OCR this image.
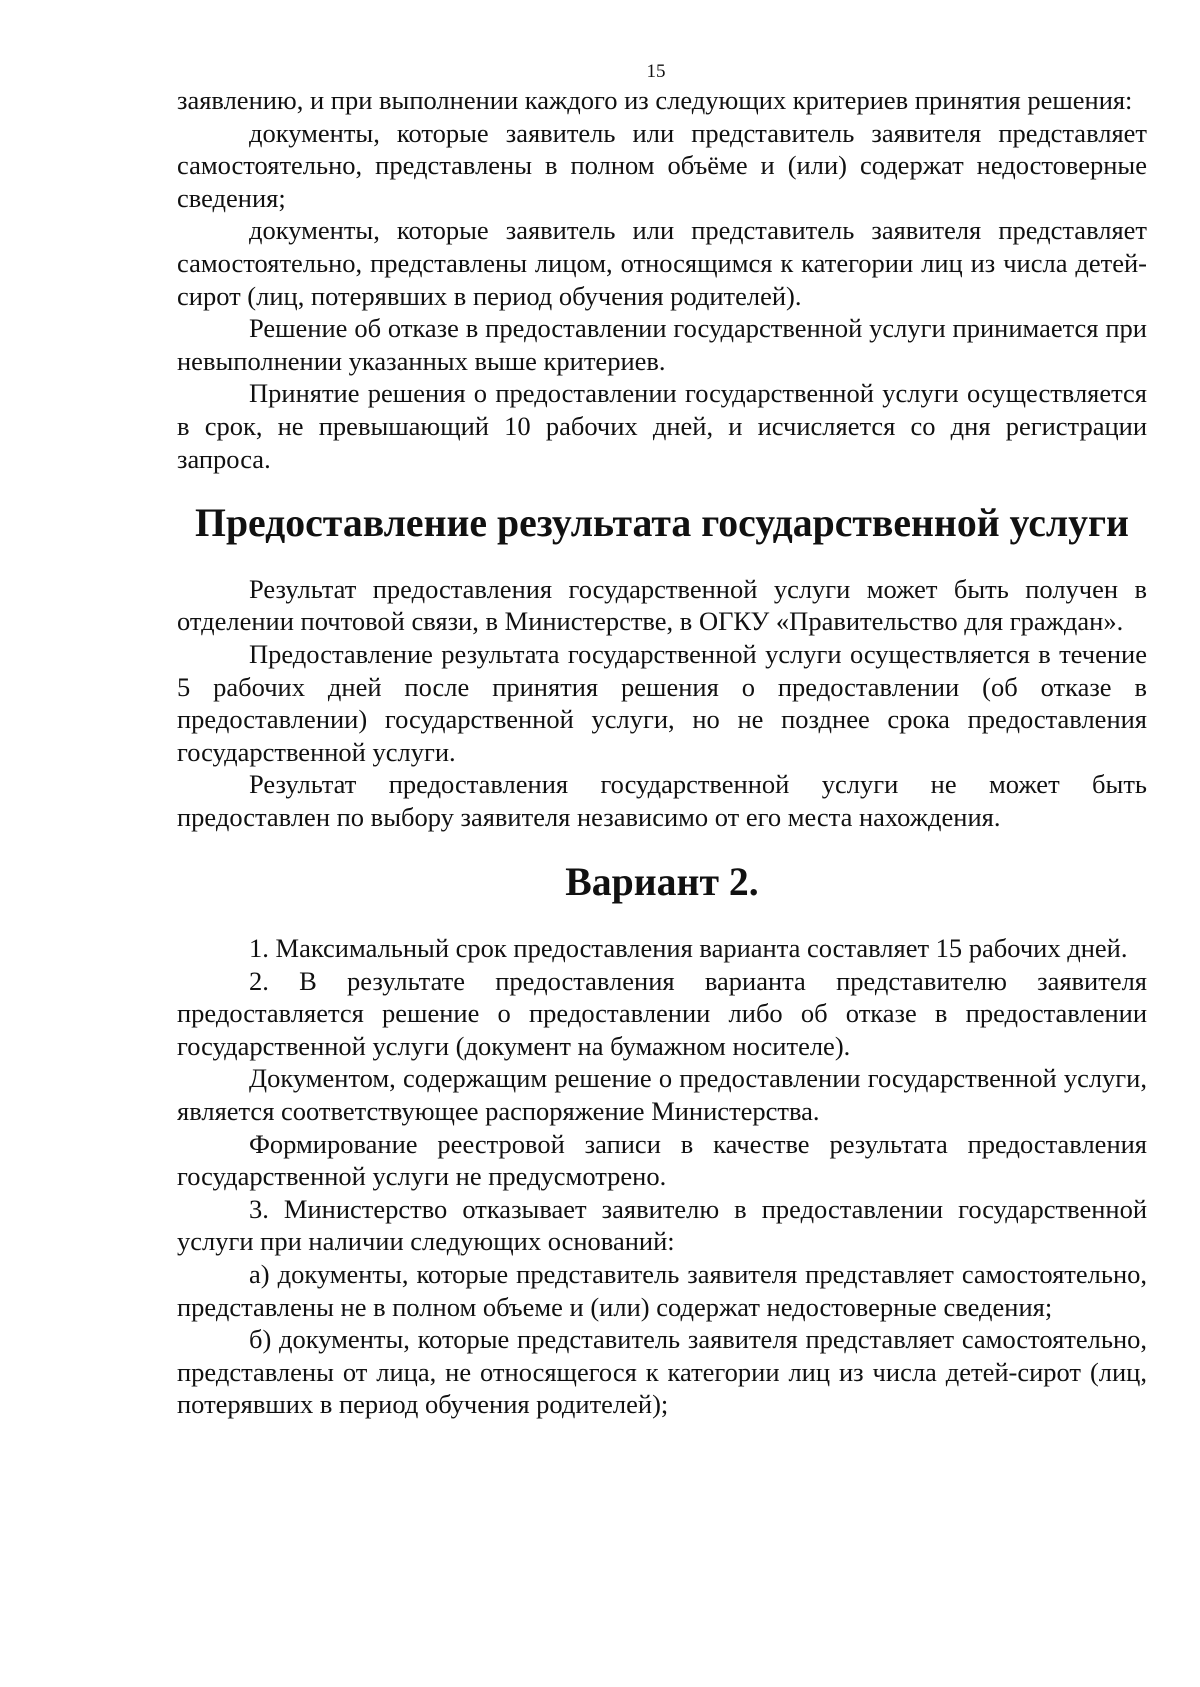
15

заявлению, и при выполнении каждого из следующих критериев принятия решения:

документы, которые заявитель или представитель заявителя представляет самостоятельно, представлены в полном объёме и (или) содержат недостоверные сведения;

документы, которые заявитель или представитель заявителя представляет самостоятельно, представлены лицом, относящимся к категории лиц из числа детей-сирот (лиц, потерявших в период обучения родителей).

Решение об отказе в предоставлении государственной услуги принимается при невыполнении указанных выше критериев.

Принятие решения о предоставлении государственной услуги осуществляется в срок, не превышающий 10 рабочих дней, и исчисляется со дня регистрации запроса.

Предоставление результата государственной услуги

Результат предоставления государственной услуги может быть получен в отделении почтовой связи, в Министерстве, в ОГКУ «Правительство для граждан».

Предоставление результата государственной услуги осуществляется в течение 5 рабочих дней после принятия решения о предоставлении (об отказе в предоставлении) государственной услуги, но не позднее срока предоставления государственной услуги.

Результат предоставления государственной услуги не может быть предоставлен по выбору заявителя независимо от его места нахождения.

Вариант 2.

1. Максимальный срок предоставления варианта составляет 15 рабочих дней.

2. В результате предоставления варианта представителю заявителя предоставляется решение о предоставлении либо об отказе в предоставлении государственной услуги (документ на бумажном носителе).

Документом, содержащим решение о предоставлении государственной услуги, является соответствующее распоряжение Министерства.

Формирование реестровой записи в качестве результата предоставления государственной услуги не предусмотрено.

3. Министерство отказывает заявителю в предоставлении государственной услуги при наличии следующих оснований:

а) документы, которые представитель заявителя представляет самостоятельно, представлены не в полном объеме и (или) содержат недостоверные сведения;

б) документы, которые представитель заявителя представляет самостоятельно, представлены от лица, не относящегося к категории лиц из числа детей-сирот (лиц, потерявших в период обучения родителей);
